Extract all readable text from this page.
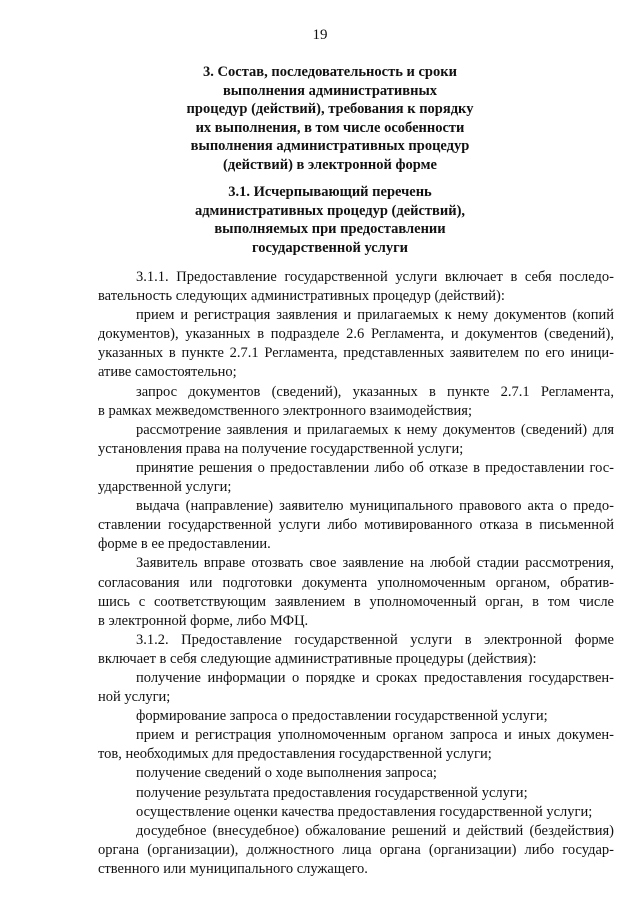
19
3. Состав, последовательность и сроки
выполнения административных
процедур (действий), требования к порядку
их выполнения, в том числе особенности
выполнения административных процедур
(действий) в электронной форме
3.1. Исчерпывающий перечень
административных процедур (действий),
выполняемых при предоставлении
государственной услуги
3.1.1. Предоставление государственной услуги включает в себя последо-
вательность следующих административных процедур (действий):
прием и регистрация заявления и прилагаемых к нему документов (копий
документов), указанных в подразделе 2.6 Регламента, и документов (сведений),
указанных в пункте 2.7.1 Регламента, представленных заявителем по его иници-
ативе самостоятельно;
запрос документов (сведений), указанных в пункте 2.7.1 Регламента,
в рамках межведомственного электронного взаимодействия;
рассмотрение заявления и прилагаемых к нему документов (сведений) для
установления права на получение государственной услуги;
принятие решения о предоставлении либо об отказе в предоставлении гос-
ударственной услуги;
выдача (направление) заявителю муниципального правового акта о предо-
ставлении государственной услуги либо мотивированного отказа в письменной
форме в ее предоставлении.
Заявитель вправе отозвать свое заявление на любой стадии рассмотрения,
согласования или подготовки документа уполномоченным органом, обратив-
шись с соответствующим заявлением в уполномоченный орган, в том числе
в электронной форме, либо МФЦ.
3.1.2. Предоставление государственной услуги в электронной форме
включает в себя следующие административные процедуры (действия):
получение информации о порядке и сроках предоставления государствен-
ной услуги;
формирование запроса о предоставлении государственной услуги;
прием и регистрация уполномоченным органом запроса и иных докумен-
тов, необходимых для предоставления государственной услуги;
получение сведений о ходе выполнения запроса;
получение результата предоставления государственной услуги;
осуществление оценки качества предоставления государственной услуги;
досудебное (внесудебное) обжалование решений и действий (бездействия)
органа (организации), должностного лица органа (организации) либо государ-
ственного или муниципального служащего.
